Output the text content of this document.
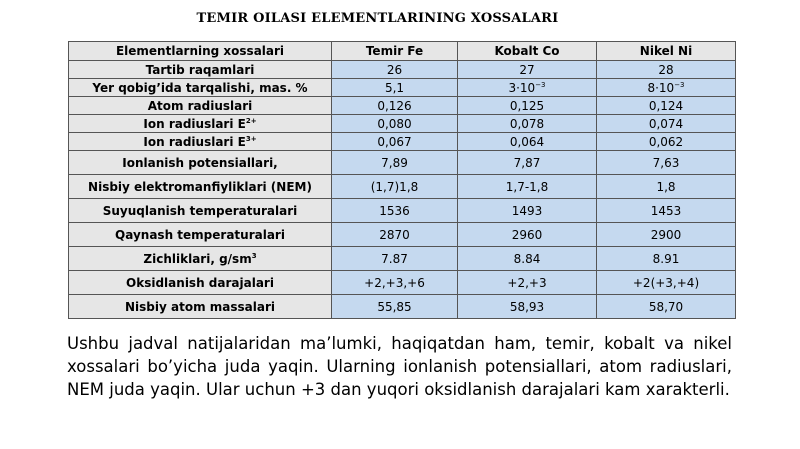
TEMIR OILASI ELEMENTLARINING XOSSALARI
Elementlarning xossalari	Temir Fe	Kobalt Co	Nikel Ni
Tartib raqamlari	26	27	28
Yer qobig’ida tarqalishi, mas. %	5,1	$3\cdot 10^{-3}$	$8\cdot 10^{-3}$
Atom radiuslari	0,126	0,125	0,124
Ion radiuslari $E^{2+}$	0,080	0,078	0,074
Ion radiuslari $E^{3+}$	0,067	0,064	0,062
Ionlanish potensiallari,	7,89	7,87	7,63
Nisbiy elektromanfiyliklari (NEM)	(1,7)1,8	1,7-1,8	1,8
Suyuqlanish temperaturalari	1536	1493	1453
Qaynash temperaturalari	2870	2960	2900
Zichliklari, $g/sm^3$	7.87	8.84	8.91
Oksidlanish darajalari	+2,+3,+6	+2,+3	+2(+3,+4)
Nisbiy atom massalari	55,85	58,93	58,70
Ushbu jadval natijalaridan ma’lumki, haqiqatdan ham, temir, kobalt va nikel xossalari bo’yicha juda yaqin. Ularning ionlanish potensiallari, atom radiuslari, NEM juda yaqin. Ular uchun +3 dan yuqori oksidlanish darajalari kam xarakterli.
